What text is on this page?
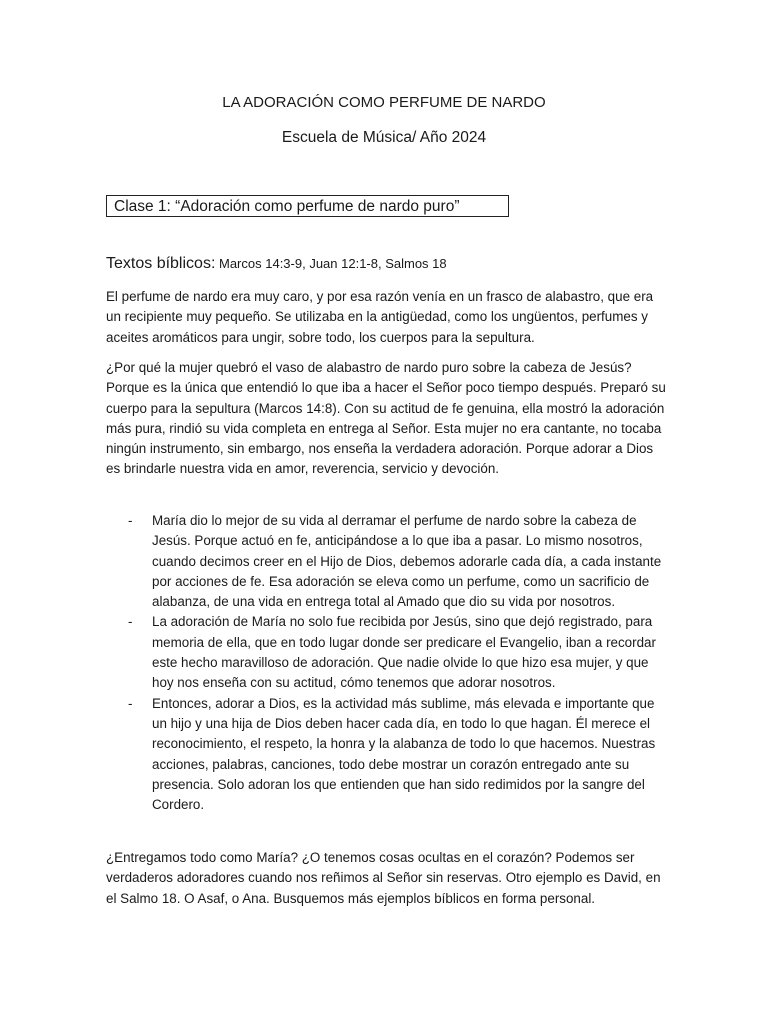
LA ADORACIÓN COMO PERFUME DE NARDO
Escuela de Música/ Año 2024
Clase 1: “Adoración como perfume de nardo puro”
Textos bíblicos: Marcos 14:3-9, Juan 12:1-8, Salmos 18

El perfume de nardo era muy caro, y por esa razón venía en un frasco de alabastro, que era un recipiente muy pequeño. Se utilizaba en la antigüedad, como los ungüentos, perfumes y aceites aromáticos para ungir, sobre todo, los cuerpos para la sepultura.

¿Por qué la mujer quebró el vaso de alabastro de nardo puro sobre la cabeza de Jesús? Porque es la única que entendió lo que iba a hacer el Señor poco tiempo después. Preparó su cuerpo para la sepultura (Marcos 14:8). Con su actitud de fe genuina, ella mostró la adoración más pura, rindió su vida completa en entrega al Señor. Esta mujer no era cantante, no tocaba ningún instrumento, sin embargo, nos enseña la verdadera adoración. Porque adorar a Dios es brindarle nuestra vida en amor, reverencia, servicio y devoción.

- María dio lo mejor de su vida al derramar el perfume de nardo sobre la cabeza de Jesús. Porque actuó en fe, anticipándose a lo que iba a pasar. Lo mismo nosotros, cuando decimos creer en el Hijo de Dios, debemos adorarle cada día, a cada instante por acciones de fe. Esa adoración se eleva como un perfume, como un sacrificio de alabanza, de una vida en entrega total al Amado que dio su vida por nosotros.
- La adoración de María no solo fue recibida por Jesús, sino que dejó registrado, para memoria de ella, que en todo lugar donde ser predicare el Evangelio, iban a recordar este hecho maravilloso de adoración. Que nadie olvide lo que hizo esa mujer, y que hoy nos enseña con su actitud, cómo tenemos que adorar nosotros.
- Entonces, adorar a Dios, es la actividad más sublime, más elevada e importante que un hijo y una hija de Dios deben hacer cada día, en todo lo que hagan. Él merece el reconocimiento, el respeto, la honra y la alabanza de todo lo que hacemos. Nuestras acciones, palabras, canciones, todo debe mostrar un corazón entregado ante su presencia. Solo adoran los que entienden que han sido redimidos por la sangre del Cordero.

¿Entregamos todo como María? ¿O tenemos cosas ocultas en el corazón? Podemos ser verdaderos adoradores cuando nos reñimos al Señor sin reservas. Otro ejemplo es David, en el Salmo 18. O Asaf, o Ana. Busquemos más ejemplos bíblicos en forma personal.
